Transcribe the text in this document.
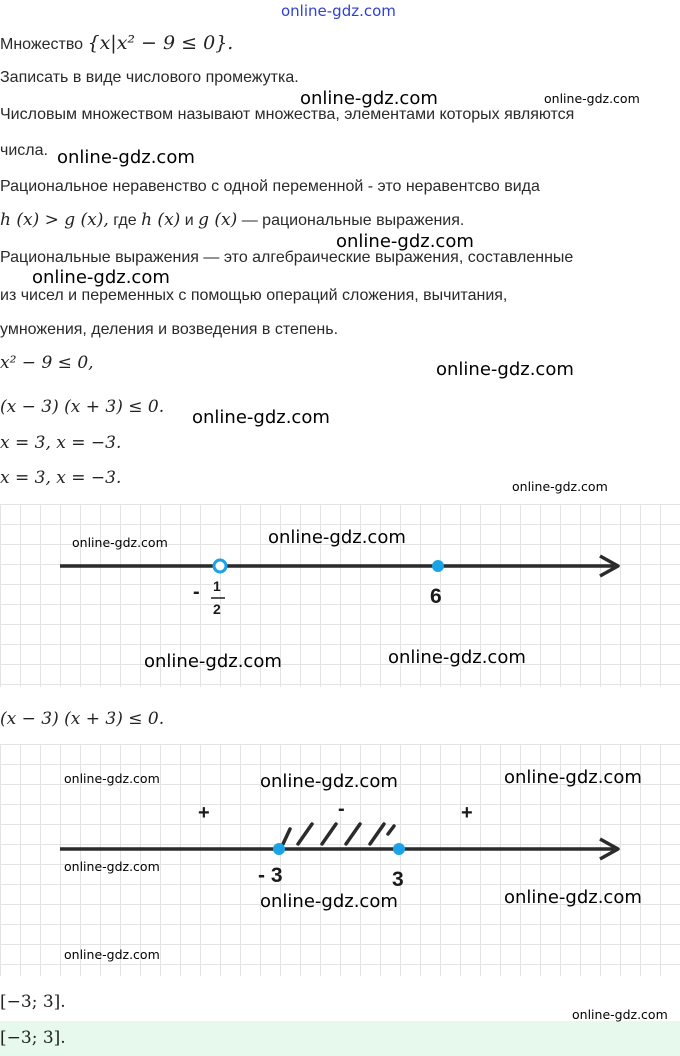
online-gdz.com
Множество {x|x² − 9 ≤ 0}.
Записать в виде числового промежутка.
Числовым множеством называют множества, элементами которых являются
числа.
Рациональное неравенство с одной переменной - это неравентсво вида
h (x) > g (x), где h (x) и g (x) — рациональные выражения.
Рациональные выражения — это алгебраические выражения, составленные
из чисел и переменных с помощью операций сложения, вычитания,
умножения, деления и возведения в степень.
x² − 9 ≤ 0,
(x − 3) (x + 3) ≤ 0.
x = 3, x = −3.
x = 3, x = −3.
- 1
2
6
(x − 3) (x + 3) ≤ 0.
+	-	+
- 3	3
[−3; 3].
[−3; 3].
online-gdz.com	online-gdz.com
online-gdz.com
online-gdz.com
online-gdz.com
online-gdz.com
online-gdz.com
online-gdz.com
online-gdz.com	online-gdz.com
online-gdz.com	online-gdz.com
online-gdz.com	online-gdz.com	online-gdz.com
online-gdz.com
online-gdz.com	online-gdz.com
online-gdz.com
online-gdz.com
